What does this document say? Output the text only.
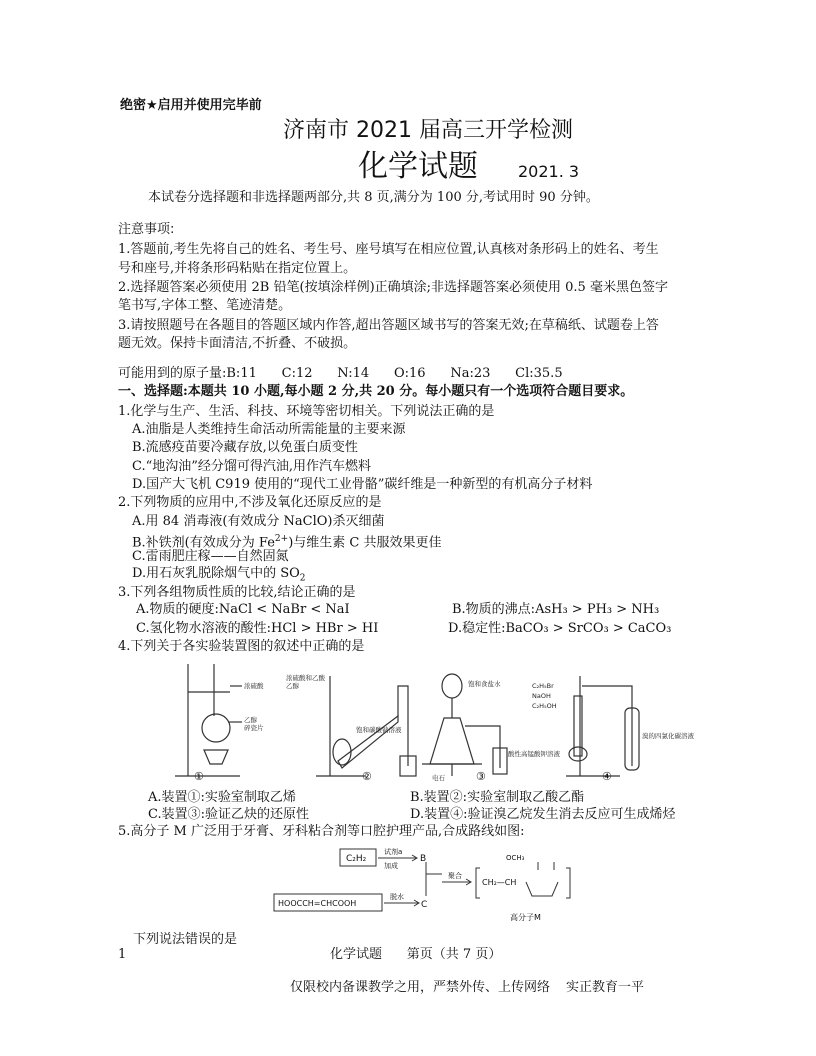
绝密★启用并使用完毕前
济南市 2021 届高三开学检测
化学试题	2021. 3
本试卷分选择题和非选择题两部分,共 8 页,满分为 100 分,考试用时 90 分钟。
注意事项:
1.答题前,考生先将自己的姓名、考生号、座号填写在相应位置,认真核对条形码上的姓名、考生
号和座号,并将条形码粘贴在指定位置上。
2.选择题答案必须使用 2B 铅笔(按填涂样例)正确填涂;非选择题答案必须使用 0.5 毫米黑色签字
笔书写,字体工整、笔迹清楚。
3.请按照题号在各题目的答题区域内作答,超出答题区域书写的答案无效;在草稿纸、试题卷上答
题无效。保持卡面清洁,不折叠、不破损。
可能用到的原子量:B:11      C:12      N:14      O:16      Na:23      Cl:35.5
一、选择题:本题共 10 小题,每小题 2 分,共 20 分。每小题只有一个选项符合题目要求。
1.化学与生产、生活、科技、环境等密切相关。下列说法正确的是
A.油脂是人类维持生命活动所需能量的主要来源
B.流感疫苗要冷藏存放,以免蛋白质变性
C.“地沟油”经分馏可得汽油,用作汽车燃料
D.国产大飞机 C919 使用的“现代工业骨骼”碳纤维是一种新型的有机高分子材料
2.下列物质的应用中,不涉及氧化还原反应的是
A.用 84 消毒液(有效成分 NaClO)杀灭细菌
B.补铁剂(有效成分为 $Fe^{2+}$)与维生素 C 共服效果更佳
C.雷雨肥庄稼——自然固氮
D.用石灰乳脱除烟气中的 $SO_2$
3.下列各组物质性质的比较,结论正确的是
A.物质的硬度:NaCl < NaBr < NaI	B.物质的沸点:AsH₃ > PH₃ > NH₃
C.氢化物水溶液的酸性:HCl > HBr > HI	D.稳定性:BaCO₃ > SrCO₃ > CaCO₃
4.下列关于各实验装置图的叙述中正确的是
浓硫酸
乙醇
碎瓷片
浓硫酸和乙酸
乙醇
饱和碳酸钠溶液
饱和食盐水
电石
酸性高锰酸钾溶液
C₂H₅Br
NaOH
C₂H₅OH
溴的四氯化碳溶液
①	②	③	④
A.装置①:实验室制取乙烯	B.装置②:实验室制取乙酸乙酯
C.装置③:验证乙炔的还原性	D.装置④:验证溴乙烷发生消去反应可生成烯烃
5.高分子 M 广泛用于牙膏、牙科粘合剂等口腔护理产品,合成路线如图:
C₂H₂
试剂a
加成
B
HOOCCH=CHCOOH
脱水
C
聚合
OCH₃
CH₂—CH
高分子M
下列说法错误的是
1	化学试题      第页（共 7 页）
仅限校内备课教学之用，严禁外传、上传网络 实正教育一平
